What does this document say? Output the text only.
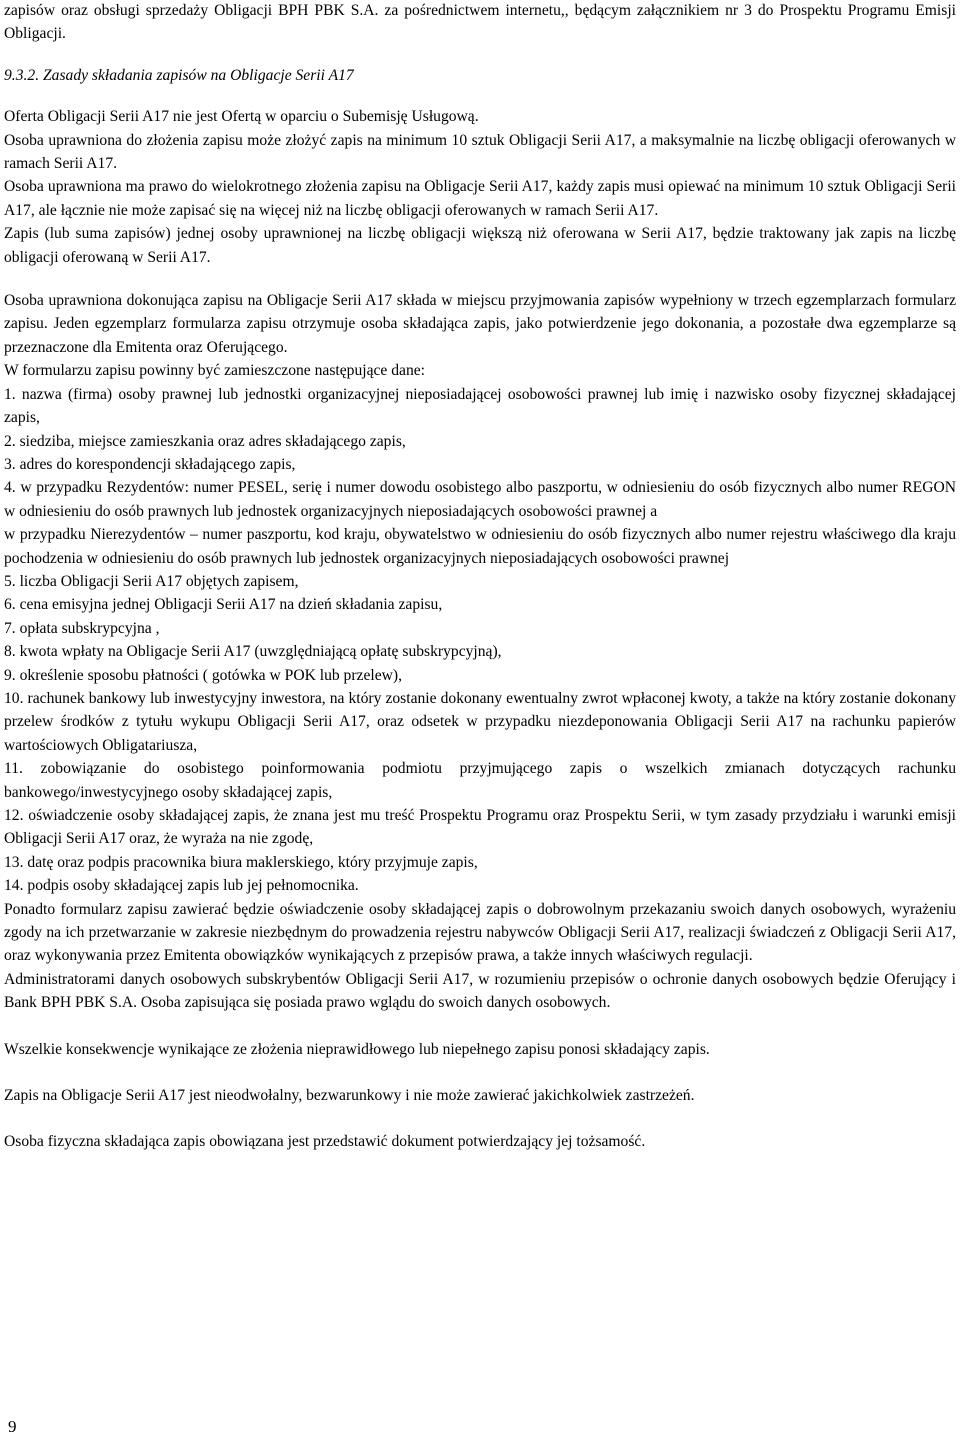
zapisów oraz obsługi sprzedaży Obligacji BPH PBK S.A. za pośrednictwem internetu,, będącym załącznikiem nr 3 do Prospektu Programu Emisji Obligacji.

9.3.2. Zasady składania zapisów na Obligacje Serii A17

Oferta Obligacji Serii A17 nie jest Ofertą w oparciu o Subemisję Usługową.

Osoba uprawniona do złożenia zapisu może złożyć zapis na minimum 10 sztuk Obligacji Serii A17, a maksymalnie na liczbę obligacji oferowanych w ramach Serii A17.

Osoba uprawniona ma prawo do wielokrotnego złożenia zapisu na Obligacje Serii A17, każdy zapis musi opiewać na minimum 10 sztuk Obligacji Serii A17, ale łącznie nie może zapisać się na więcej niż na liczbę obligacji oferowanych w ramach Serii A17.

Zapis (lub suma zapisów) jednej osoby uprawnionej na liczbę obligacji większą niż oferowana w Serii A17, będzie traktowany jak zapis na liczbę obligacji oferowaną w Serii A17.

Osoba uprawniona dokonująca zapisu na Obligacje Serii A17 składa w miejscu przyjmowania zapisów wypełniony w trzech egzemplarzach formularz zapisu. Jeden egzemplarz formularza zapisu otrzymuje osoba składająca zapis, jako potwierdzenie jego dokonania, a pozostałe dwa egzemplarze są przeznaczone dla Emitenta oraz Oferującego.

W formularzu zapisu powinny być zamieszczone następujące dane:

1. nazwa (firma) osoby prawnej lub jednostki organizacyjnej nieposiadającej osobowości prawnej lub imię i nazwisko osoby fizycznej składającej zapis,

2. siedziba, miejsce zamieszkania oraz adres składającego zapis,

3. adres do korespondencji składającego zapis,

4. w przypadku Rezydentów: numer PESEL, serię i numer dowodu osobistego albo paszportu, w odniesieniu do osób fizycznych albo numer REGON w odniesieniu do osób prawnych lub jednostek organizacyjnych nieposiadających osobowości prawnej a

w przypadku Nierezydentów – numer paszportu, kod kraju, obywatelstwo w odniesieniu do osób fizycznych albo numer rejestru właściwego dla kraju pochodzenia w odniesieniu do osób prawnych lub jednostek organizacyjnych nieposiadających osobowości prawnej

5. liczba Obligacji Serii A17 objętych zapisem,

6. cena emisyjna jednej Obligacji Serii A17 na dzień składania zapisu,

7. opłata subskrypcyjna ,

8. kwota wpłaty na Obligacje Serii A17 (uwzględniającą opłatę subskrypcyjną),

9. określenie sposobu płatności ( gotówka w POK lub przelew),

10. rachunek bankowy lub inwestycyjny inwestora, na który zostanie dokonany ewentualny zwrot wpłaconej kwoty, a także na który zostanie dokonany przelew środków z tytułu wykupu Obligacji Serii A17, oraz odsetek w przypadku niezdeponowania Obligacji Serii A17 na rachunku papierów wartościowych Obligatariusza,

11. zobowiązanie do osobistego poinformowania podmiotu przyjmującego zapis o wszelkich zmianach dotyczących rachunku bankowego/inwestycyjnego osoby składającej zapis,

12. oświadczenie osoby składającej zapis, że znana jest mu treść Prospektu Programu oraz Prospektu Serii, w tym zasady przydziału i warunki emisji Obligacji Serii A17 oraz, że wyraża na nie zgodę,

13. datę oraz podpis pracownika biura maklerskiego, który przyjmuje zapis,

14. podpis osoby składającej zapis lub jej pełnomocnika.

Ponadto formularz zapisu zawierać będzie oświadczenie osoby składającej zapis o dobrowolnym przekazaniu swoich danych osobowych, wyrażeniu zgody na ich przetwarzanie w zakresie niezbędnym do prowadzenia rejestru nabywców Obligacji Serii A17, realizacji świadczeń z Obligacji Serii A17, oraz wykonywania przez Emitenta obowiązków wynikających z przepisów prawa, a także innych właściwych regulacji.

Administratorami danych osobowych subskrybentów Obligacji Serii A17, w rozumieniu przepisów o ochronie danych osobowych będzie Oferujący i Bank BPH PBK S.A. Osoba zapisująca się posiada prawo wglądu do swoich danych osobowych.

Wszelkie konsekwencje wynikające ze złożenia nieprawidłowego lub niepełnego zapisu ponosi składający zapis.

Zapis na Obligacje Serii A17 jest nieodwołalny, bezwarunkowy i nie może zawierać jakichkolwiek zastrzeżeń.

Osoba fizyczna składająca zapis obowiązana jest przedstawić dokument potwierdzający jej tożsamość.

9
